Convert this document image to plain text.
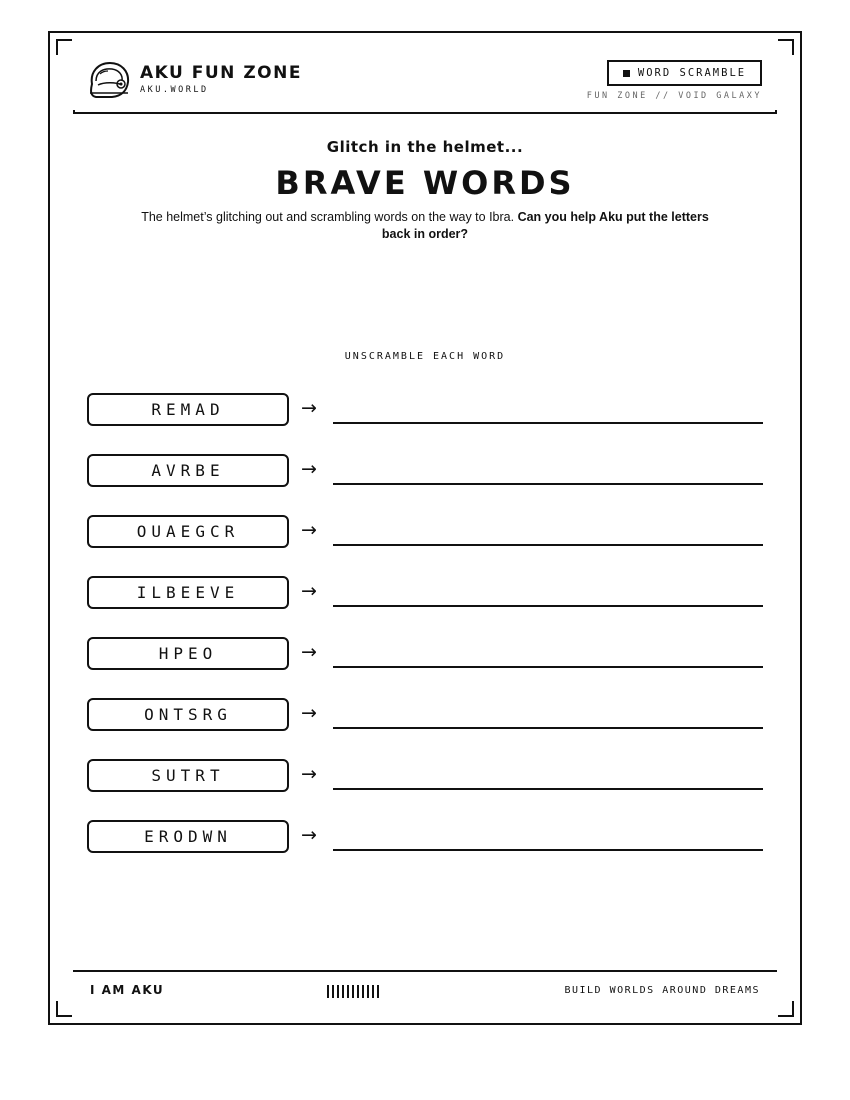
AKU FUN ZONE
AKU.WORLD
WORD SCRAMBLE
FUN ZONE // VOID GALAXY
Glitch in the helmet...
BRAVE WORDS
The helmet’s glitching out and scrambling words on the way to Ibra. Can you help Aku put the letters back in order?
UNSCRAMBLE EACH WORD
REMAD	→
AVRBE	→
OUAEGCR	→
ILBEEVE	→
HPEO	→
ONTSRG	→
SUTRT	→
ERODWN	→
I AM AKU	BUILD WORLDS AROUND DREAMS
